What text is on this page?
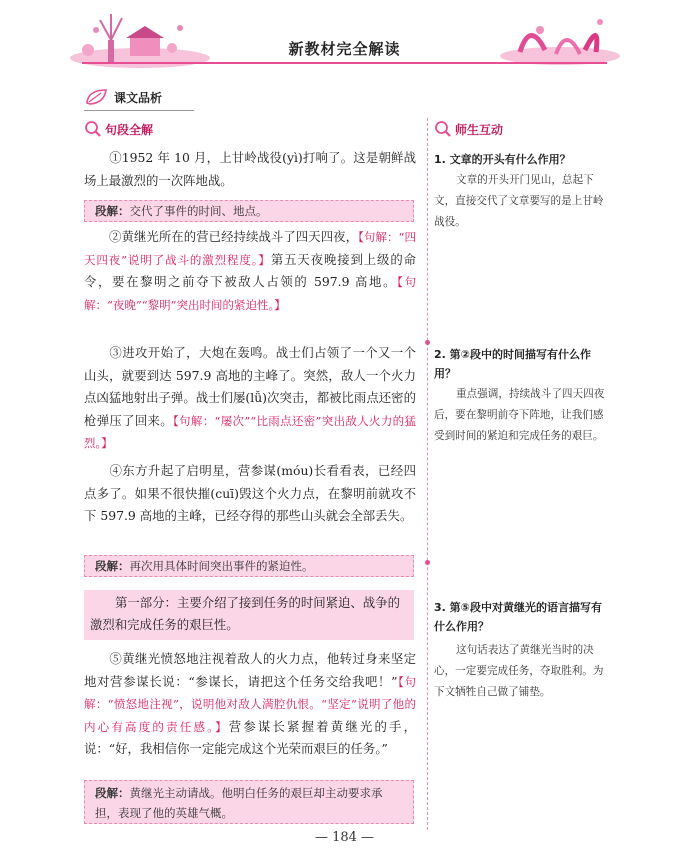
新教材完全解读
课文品析
句段全解
①1952 年 10 月，上甘岭战役(yì)打响了。这是朝鲜战场上最激烈的一次阵地战。
段解：交代了事件的时间、地点。
②黄继光所在的营已经持续战斗了四天四夜，【句解：“四天四夜”说明了战斗的激烈程度。】第五天夜晚接到上级的命令，要在黎明之前夺下被敌人占领的 597.9 高地。【句解：“夜晚”“黎明”突出时间的紧迫性。】
③进攻开始了，大炮在轰鸣。战士们占领了一个又一个山头，就要到达 597.9 高地的主峰了。突然，敌人一个火力点凶猛地射出子弹。战士们屡(lǚ)次突击，都被比雨点还密的枪弹压了回来。【句解：“屡次”“比雨点还密”突出敌人火力的猛烈。】
④东方升起了启明星，营参谋(móu)长看看表，已经四点多了。如果不很快摧(cuī)毁这个火力点，在黎明前就攻不下 597.9 高地的主峰，已经夺得的那些山头就会全部丢失。
段解：再次用具体时间突出事件的紧迫性。
第一部分：主要介绍了接到任务的时间紧迫、战争的激烈和完成任务的艰巨性。
⑤黄继光愤怒地注视着敌人的火力点，他转过身来坚定地对营参谋长说：“参谋长，请把这个任务交给我吧！”【句解：“愤怒地注视”，说明他对敌人满腔仇恨。“坚定”说明了他的内心有高度的责任感。】营参谋长紧握着黄继光的手，说：“好，我相信你一定能完成这个光荣而艰巨的任务。”
段解：黄继光主动请战。他明白任务的艰巨却主动要求承担，表现了他的英雄气概。
师生互动
1. 文章的开头有什么作用？
文章的开头开门见山，总起下文，直接交代了文章要写的是上甘岭战役。
2. 第②段中的时间描写有什么作用？
重点强调，持续战斗了四天四夜后，要在黎明前夺下阵地，让我们感受到时间的紧迫和完成任务的艰巨。
3. 第⑤段中对黄继光的语言描写有什么作用？
这句话表达了黄继光当时的决心，一定要完成任务，夺取胜利。为下文牺牲自己做了铺垫。
— 184 —
